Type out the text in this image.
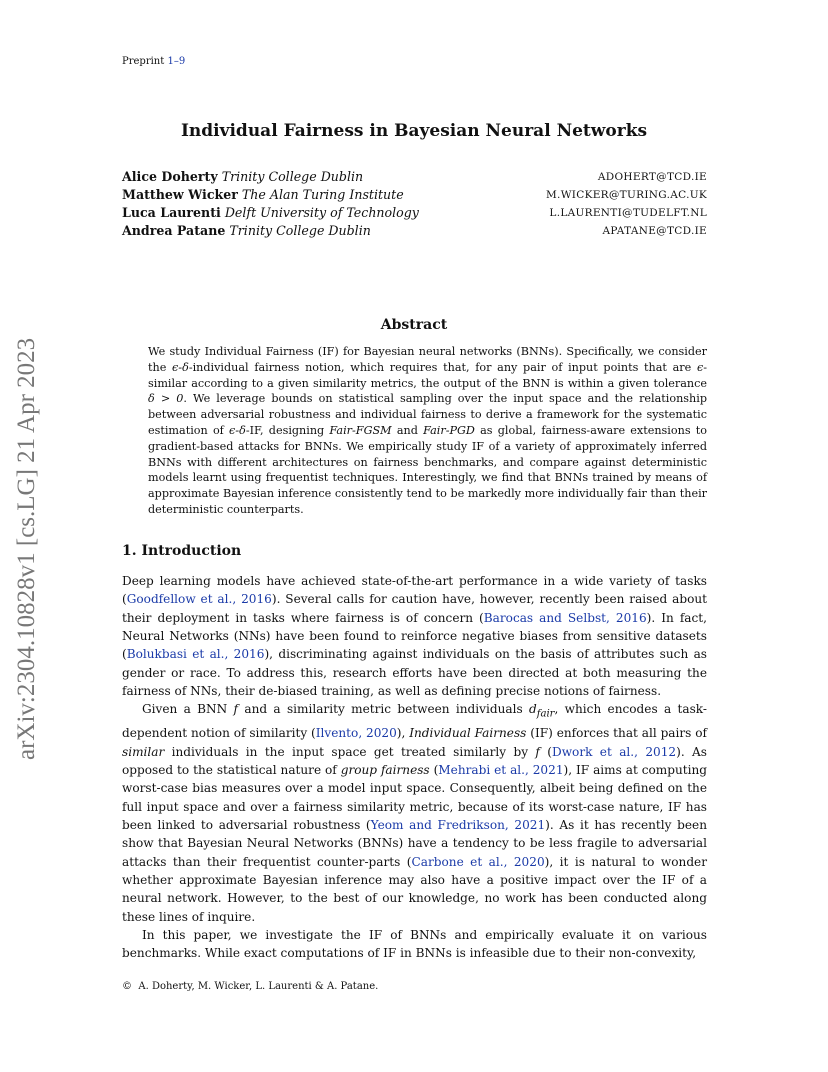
Preprint 1–9
Individual Fairness in Bayesian Neural Networks
Alice Doherty Trinity College Dublin	ADOHERT@TCD.IE
Matthew Wicker The Alan Turing Institute	M.WICKER@TURING.AC.UK
Luca Laurenti Delft University of Technology	L.LAURENTI@TUDELFT.NL
Andrea Patane Trinity College Dublin	APATANE@TCD.IE
arXiv:2304.10828v1 [cs.LG] 21 Apr 2023
Abstract
We study Individual Fairness (IF) for Bayesian neural networks (BNNs). Specifically, we consider the ϵ-δ-individual fairness notion, which requires that, for any pair of input points that are ϵ-similar according to a given similarity metrics, the output of the BNN is within a given tolerance δ > 0. We leverage bounds on statistical sampling over the input space and the relationship between adversarial robustness and individual fairness to derive a framework for the systematic estimation of ϵ-δ-IF, designing Fair-FGSM and Fair-PGD as global, fairness-aware extensions to gradient-based attacks for BNNs. We empirically study IF of a variety of approximately inferred BNNs with different architectures on fairness benchmarks, and compare against deterministic models learnt using frequentist techniques. Interestingly, we find that BNNs trained by means of approximate Bayesian inference consistently tend to be markedly more individually fair than their deterministic counterparts.
1. Introduction

Deep learning models have achieved state-of-the-art performance in a wide variety of tasks (Goodfellow et al., 2016). Several calls for caution have, however, recently been raised about their deployment in tasks where fairness is of concern (Barocas and Selbst, 2016). In fact, Neural Networks (NNs) have been found to reinforce negative biases from sensitive datasets (Bolukbasi et al., 2016), discriminating against individuals on the basis of attributes such as gender or race. To address this, research efforts have been directed at both measuring the fairness of NNs, their de-biased training, as well as defining precise notions of fairness.

Given a BNN f and a similarity metric between individuals $d_{fair}$, which encodes a task-dependent notion of similarity (Ilvento, 2020), Individual Fairness (IF) enforces that all pairs of similar individuals in the input space get treated similarly by f (Dwork et al., 2012). As opposed to the statistical nature of group fairness (Mehrabi et al., 2021), IF aims at computing worst-case bias measures over a model input space. Consequently, albeit being defined on the full input space and over a fairness similarity metric, because of its worst-case nature, IF has been linked to adversarial robustness (Yeom and Fredrikson, 2021). As it has recently been show that Bayesian Neural Networks (BNNs) have a tendency to be less fragile to adversarial attacks than their frequentist counter-parts (Carbone et al., 2020), it is natural to wonder whether approximate Bayesian inference may also have a positive impact over the IF of a neural network. However, to the best of our knowledge, no work has been conducted along these lines of inquire.

In this paper, we investigate the IF of BNNs and empirically evaluate it on various benchmarks. While exact computations of IF in BNNs is infeasible due to their non-convexity,

© A. Doherty, M. Wicker, L. Laurenti & A. Patane.
